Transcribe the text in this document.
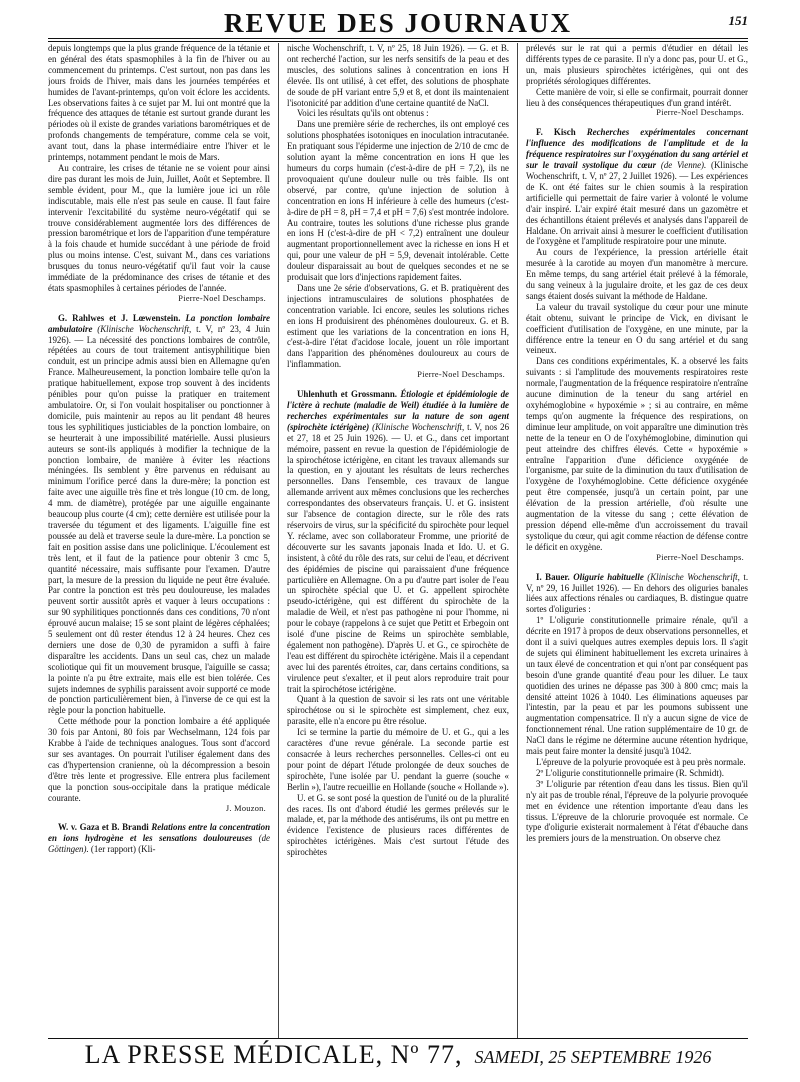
REVUE DES JOURNAUX	151

depuis longtemps que la plus grande fréquence de la tétanie et en général des états spasmophiles à la fin de l'hiver ou au commencement du printemps. C'est surtout, non pas dans les jours froids de l'hiver, mais dans les journées tempérées et humides de l'avant-printemps, qu'on voit éclore les accidents. Les observations faites à ce sujet par M. Iui ont montré que la fréquence des attaques de tétanie est surtout grande durant les périodes où il existe de grandes variations barométriques et de profonds changements de température, comme cela se voit, avant tout, dans la phase intermédiaire entre l'hiver et le printemps, notamment pendant le mois de Mars.

Au contraire, les crises de tétanie ne se voient pour ainsi dire pas durant les mois de Juin, Juillet, Août et Septembre. Il semble évident, pour M., que la lumière joue ici un rôle indiscutable, mais elle n'est pas seule en cause. Il faut faire intervenir l'excitabilité du système neuro-végétatif qui se trouve considérablement augmentée lors des différences de pression barométrique et lors de l'apparition d'une température à la fois chaude et humide succédant à une période de froid plus ou moins intense. C'est, suivant M., dans ces variations brusques du tonus neuro-végétatif qu'il faut voir la cause immédiate de la prédominance des crises de tétanie et des états spasmophiles à certaines périodes de l'année.

Pierre-Noel Deschamps.

G. Rahlwes et J. Lœwenstein. La ponction lombaire ambulatoire (Klinische Wochenschrift, t. V, nº 23, 4 Juin 1926). — La nécessité des ponctions lombaires de contrôle, répétées au cours de tout traitement antisyphilitique bien conduit, est un principe admis aussi bien en Allemagne qu'en France. Malheureusement, la ponction lombaire telle qu'on la pratique habituellement, expose trop souvent à des incidents pénibles pour qu'on puisse la pratiquer en traitement ambulatoire. Or, si l'on voulait hospitaliser ou ponctionner à domicile, puis maintenir au repos au lit pendant 48 heures tous les syphilitiques justiciables de la ponction lombaire, on se heurterait à une impossibilité matérielle. Aussi plusieurs auteurs se sont-ils appliqués à modifier la technique de la ponction lombaire, de manière à éviter les réactions méningées. Ils semblent y être parvenus en réduisant au minimum l'orifice percé dans la dure-mère; la ponction est faite avec une aiguille très fine et très longue (10 cm. de long, 4 mm. de diamètre), protégée par une aiguille engainante beaucoup plus courte (4 cm); cette dernière est utilisée pour la traversée du tégument et des ligaments. L'aiguille fine est poussée au delà et traverse seule la dure-mère. La ponction se fait en position assise dans une policlinique. L'écoulement est très lent, et il faut de la patience pour obtenir 3 cmc 5, quantité nécessaire, mais suffisante pour l'examen. D'autre part, la mesure de la pression du liquide ne peut être évaluée. Par contre la ponction est très peu douloureuse, les malades peuvent sortir aussitôt après et vaquer à leurs occupations : sur 90 syphilitiques ponctionnés dans ces conditions, 70 n'ont éprouvé aucun malaise; 15 se sont plaint de légères céphalées; 5 seulement ont dû rester étendus 12 à 24 heures. Chez ces derniers une dose de 0,30 de pyramidon a suffi à faire disparaître les accidents. Dans un seul cas, chez un malade scoliotique qui fit un mouvement brusque, l'aiguille se cassa; la pointe n'a pu être extraite, mais elle est bien tolérée. Ces sujets indemnes de syphilis paraissent avoir supporté ce mode de ponction particulièrement bien, à l'inverse de ce qui est la règle pour la ponction habituelle.

Cette méthode pour la ponction lombaire a été appliquée 30 fois par Antoni, 80 fois par Wechselmann, 124 fois par Krabbe à l'aide de techniques analogues. Tous sont d'accord sur ses avantages. On pourrait l'utiliser également dans des cas d'hypertension cranienne, où la décompression a besoin d'être très lente et progressive. Elle entrera plus facilement que la ponction sous-occipitale dans la pratique médicale courante.

J. Mouzon.

W. v. Gaza et B. Brandi Relations entre la concentration en ions hydrogène et les sensations douloureuses (de Göttingen). (1er rapport) (Kli-

nische Wochenschrift, t. V, nº 25, 18 Juin 1926). — G. et B. ont recherché l'action, sur les nerfs sensitifs de la peau et des muscles, des solutions salines à concentration en ions H élevée. Ils ont utilisé, à cet effet, des solutions de phosphate de soude de pH variant entre 5,9 et 8, et dont ils maintenaient l'isotonicité par addition d'une certaine quantité de NaCl.

Voici les résultats qu'ils ont obtenus :

Dans une première série de recherches, ils ont employé ces solutions phosphatées isotoniques en inoculation intracutanée. En pratiquant sous l'épiderme une injection de 2/10 de cmc de solution ayant la même concentration en ions H que les humeurs du corps humain (c'est-à-dire de pH = 7,2), ils ne provoquaient qu'une douleur nulle ou très faible. Ils ont observé, par contre, qu'une injection de solution à concentration en ions H inférieure à celle des humeurs (c'est-à-dire de pH = 8, pH = 7,4 et pH = 7,6) s'est montrée indolore. Au contraire, toutes les solutions d'une richesse plus grande en ions H (c'est-à-dire de pH < 7,2) entraînent une douleur augmentant proportionnellement avec la richesse en ions H et qui, pour une valeur de pH = 5,9, devenait intolérable. Cette douleur disparaissait au bout de quelques secondes et ne se produisait que lors d'injections rapidement faites.

Dans une 2e série d'observations, G. et B. pratiquèrent des injections intramusculaires de solutions phosphatées de concentration variable. Ici encore, seules les solutions riches en ions H produisirent des phénomènes douloureux. G. et B. estiment que les variations de la concentration en ions H, c'est-à-dire l'état d'acidose locale, jouent un rôle important dans l'apparition des phénomènes douloureux au cours de l'inflammation.

Pierre-Noel Deschamps.

Uhlenhuth et Grossmann. Étiologie et épidémiologie de l'ictère à rechute (maladie de Weil) étudiée à la lumière de recherches expérimentales sur la nature de son agent (spirochète ictérigène) (Klinische Wochenschrift, t. V, nos 26 et 27, 18 et 25 Juin 1926). — U. et G., dans cet important mémoire, passent en revue la question de l'épidémiologie de la spirochétose ictérigène, en citant les travaux allemands sur la question, en y ajoutant les résultats de leurs recherches personnelles. Dans l'ensemble, ces travaux de langue allemande arrivent aux mêmes conclusions que les recherches correspondantes des observateurs français. U. et G. insistent sur l'absence de contagion directe, sur le rôle des rats réservoirs de virus, sur la spécificité du spirochète pour lequel Y. réclame, avec son collaborateur Fromme, une priorité de découverte sur les savants japonais Inada et Ido. U. et G. insistent, à côté du rôle des rats, sur celui de l'eau, et décrivent des épidémies de piscine qui paraissaient d'une fréquence particulière en Allemagne. On a pu d'autre part isoler de l'eau un spirochète spécial que U. et G. appellent spirochète pseudo-ictérigène, qui est différent du spirochète de la maladie de Weil, et n'est pas pathogène ni pour l'homme, ni pour le cobaye (rappelons à ce sujet que Petitt et Erbegoin ont isolé d'une piscine de Reims un spirochète semblable, également non pathogène). D'après U. et G., ce spirochète de l'eau est différent du spirochète ictérigène. Mais il a cependant avec lui des parentés étroites, car, dans certains conditions, sa virulence peut s'exalter, et il peut alors reproduire trait pour trait la spirochétose ictérigène.

Quant à la question de savoir si les rats ont une véritable spirochétose ou si le spirochète est simplement, chez eux, parasite, elle n'a encore pu être résolue.

Ici se termine la partie du mémoire de U. et G., qui a les caractères d'une revue générale. La seconde partie est consacrée à leurs recherches personnelles. Celles-ci ont eu pour point de départ l'étude prolongée de deux souches de spirochète, l'une isolée par U. pendant la guerre (souche « Berlin »), l'autre recueillie en Hollande (souche « Hollande »).

U. et G. se sont posé la question de l'unité ou de la pluralité des races. Ils ont d'abord étudié les germes prélevés sur le malade, et, par la méthode des antisérums, ils ont pu mettre en évidence l'existence de plusieurs races différentes de spirochètes ictérigènes. Mais c'est surtout l'étude des spirochètes

prélevés sur le rat qui a permis d'étudier en détail les différents types de ce parasite. Il n'y a donc pas, pour U. et G., un, mais plusieurs spirochètes ictérigènes, qui ont des propriétés sérologiques différentes.

Cette manière de voir, si elle se confirmait, pourrait donner lieu à des conséquences thérapeutiques d'un grand intérêt.

Pierre-Noel Deschamps.

F. Kisch Recherches expérimentales concernant l'influence des modifications de l'amplitude et de la fréquence respiratoires sur l'oxygénation du sang artériel et sur le travail systolique du cœur (de Vienne). (Klinische Wochenschrift, t. V, nº 27, 2 Juillet 1926). — Les expériences de K. ont été faites sur le chien soumis à la respiration artificielle qui permettait de faire varier à volonté le volume d'air inspiré. L'air expiré était mesuré dans un gazomètre et des échantillons étaient prélevés et analysés dans l'appareil de Haldane. On arrivait ainsi à mesurer le coefficient d'utilisation de l'oxygène et l'amplitude respiratoire pour une minute.

Au cours de l'expérience, la pression artérielle était mesurée à la carotide au moyen d'un manomètre à mercure. En même temps, du sang artériel était prélevé à la fémorale, du sang veineux à la jugulaire droite, et les gaz de ces deux sangs étaient dosés suivant la méthode de Haldane.

La valeur du travail systolique du cœur pour une minute était obtenu, suivant le principe de Vick, en divisant le coefficient d'utilisation de l'oxygène, en une minute, par la différence entre la teneur en O du sang artériel et du sang veineux.

Dans ces conditions expérimentales, K. a observé les faits suivants : si l'amplitude des mouvements respiratoires reste normale, l'augmentation de la fréquence respiratoire n'entraîne aucune diminution de la teneur du sang artériel en oxyhémoglobine « hypoxémie » ; si au contraire, en même temps qu'on augmente la fréquence des respirations, on diminue leur amplitude, on voit apparaître une diminution très nette de la teneur en O de l'oxyhémoglobine, diminution qui peut atteindre des chiffres élevés. Cette « hypoxémie » entraîne l'apparition d'une déficience oxygénée de l'organisme, par suite de la diminution du taux d'utilisation de l'oxygène de l'oxyhémoglobine. Cette déficience oxygénée peut être compensée, jusqu'à un certain point, par une élévation de la pression artérielle, d'où résulte une augmentation de la vitesse du sang ; cette élévation de pression dépend elle-même d'un accroissement du travail systolique du cœur, qui agit comme réaction de défense contre le déficit en oxygène.

Pierre-Noel Deschamps.

I. Bauer. Oligurie habituelle (Klinische Wochenschrift, t. V, nº 29, 16 Juillet 1926). — En dehors des oliguries banales liées aux affections rénales ou cardiaques, B. distingue quatre sortes d'oliguries :

1º L'oligurie constitutionnelle primaire rénale, qu'il a décrite en 1917 à propos de deux observations personnelles, et dont il a suivi quelques autres exemples depuis lors. Il s'agit de sujets qui éliminent habituellement les excreta urinaires à un taux élevé de concentration et qui n'ont par conséquent pas besoin d'une grande quantité d'eau pour les diluer. Le taux quotidien des urines ne dépasse pas 300 à 800 cmc; mais la densité atteint 1026 à 1040. Les éliminations aqueuses par l'intestin, par la peau et par les poumons subissent une augmentation compensatrice. Il n'y a aucun signe de vice de fonctionnement rénal. Une ration supplémentaire de 10 gr. de NaCl dans le régime ne détermine aucune rétention hydrique, mais peut faire monter la densité jusqu'à 1042.

L'épreuve de la polyurie provoquée est à peu près normale.

2º L'oligurie constitutionnelle primaire (R. Schmidt).

3º L'oligurie par rétention d'eau dans les tissus. Bien qu'il n'y ait pas de trouble rénal, l'épreuve de la polyurie provoquée met en évidence une rétention importante d'eau dans les tissus. L'épreuve de la chlorurie provoquée est normale. Ce type d'oligurie existerait normalement à l'état d'ébauche dans les premiers jours de la menstruation. On observe chez

LA PRESSE MÉDICALE, Nº 77, SAMEDI, 25 SEPTEMBRE 1926
